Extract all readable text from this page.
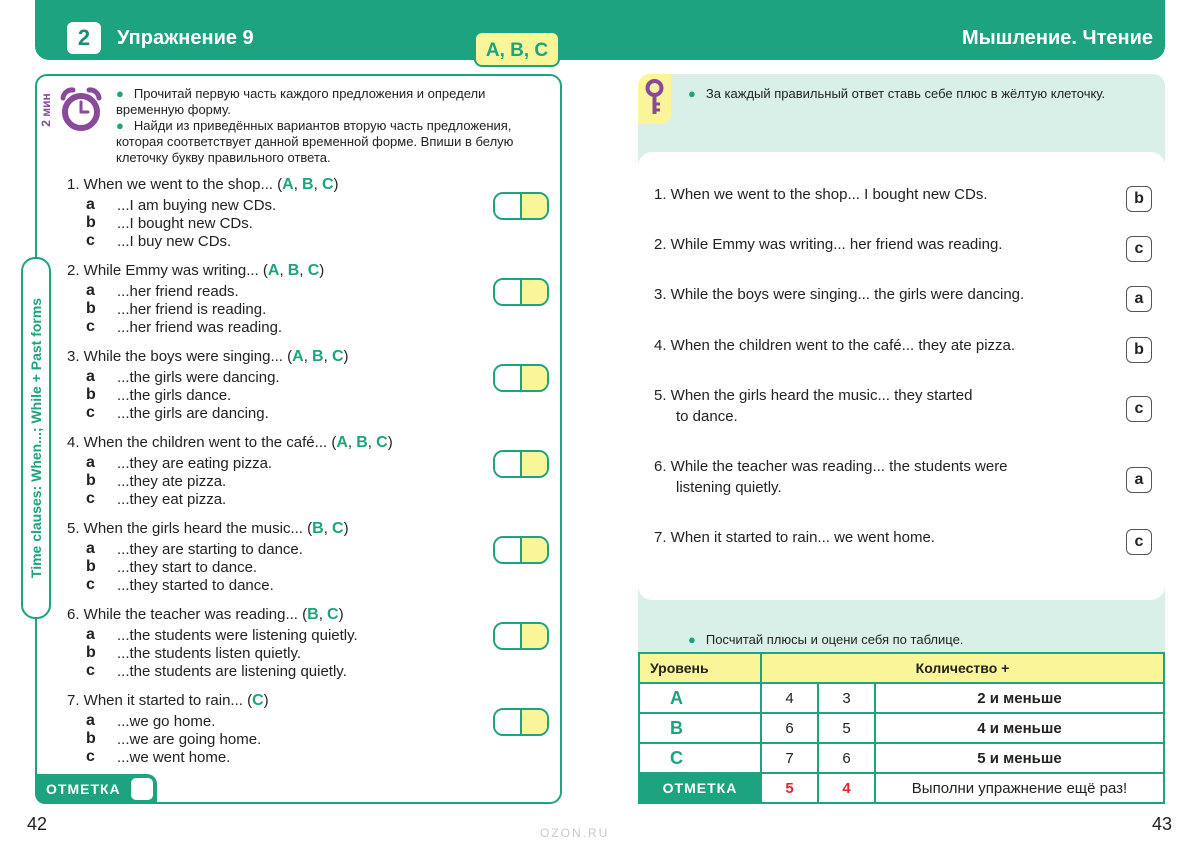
2	Упражнение 9	Мышление. Чтение
A, B, C
2 мин	● Прочитай первую часть каждого предложения и определи временную форму.
● Найди из приведённых вариантов вторую часть предложения, которая соответствует данной временной форме. Впиши в белую клеточку букву правильного ответа.
Time clauses: When...; While + Past forms
1. When we went to the shop... (A, B, C)
a ...I am buying new CDs.
b ...I bought new CDs.
c ...I buy new CDs.
2. While Emmy was writing... (A, B, C)
a ...her friend reads.
b ...her friend is reading.
c ...her friend was reading.
3. While the boys were singing... (A, B, C)
a ...the girls were dancing.
b ...the girls dance.
c ...the girls are dancing.
4. When the children went to the café... (A, B, C)
a ...they are eating pizza.
b ...they ate pizza.
c ...they eat pizza.
5. When the girls heard the music... (B, C)
a ...they are starting to dance.
b ...they start to dance.
c ...they started to dance.
6. While the teacher was reading... (B, C)
a ...the students were listening quietly.
b ...the students listen quietly.
c ...the students are listening quietly.
7. When it started to rain... (C)
a ...we go home.
b ...we are going home.
c ...we went home.
ОТМЕТКА
42
● За каждый правильный ответ ставь себе плюс в жёлтую клеточку.
1. When we went to the shop... I bought new CDs.	b
2. While Emmy was writing... her friend was reading.	c
3. While the boys were singing... the girls were dancing.	a
4. When the children went to the café... they ate pizza.	b
5. When the girls heard the music... they started
to dance.	c
6. While the teacher was reading... the students were
listening quietly.	a
7. When it started to rain... we went home.	c
● Посчитай плюсы и оцени себя по таблице.
Уровень	Количество +		
A	4	3	2 и меньше
B	6	5	4 и меньше
C	7	6	5 и меньше
ОТМЕТКА	5	4	Выполни упражнение ещё раз!
43
OZON.RU
